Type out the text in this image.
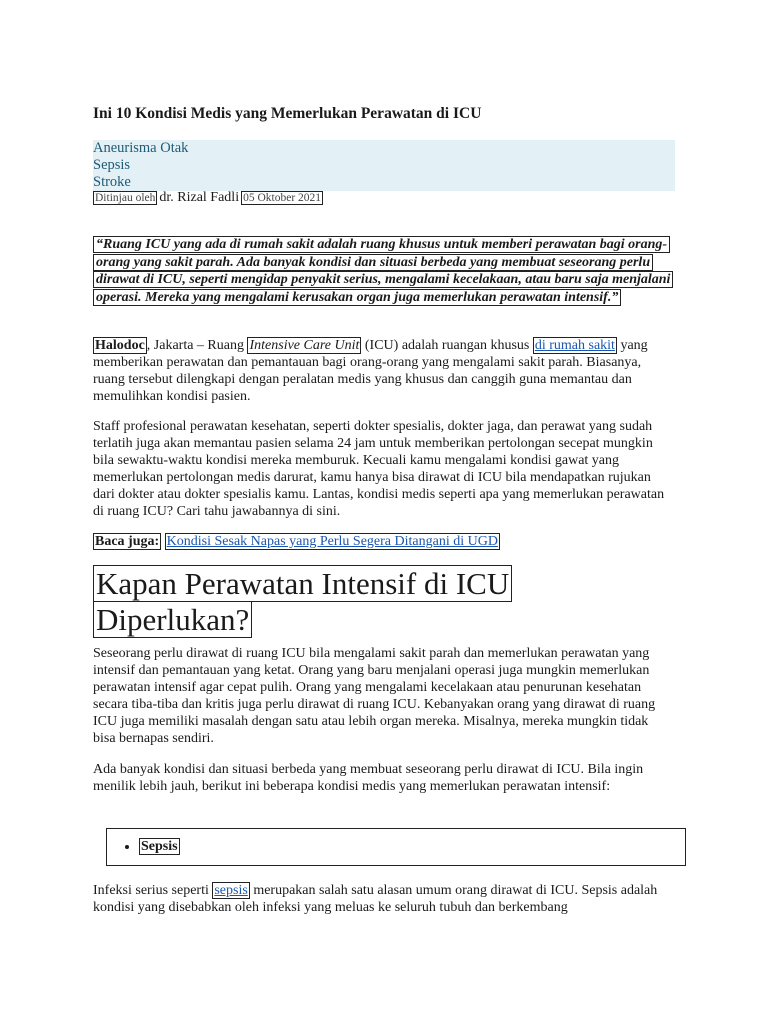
Ini 10 Kondisi Medis yang Memerlukan Perawatan di ICU
Aneurisma Otak
Sepsis
Stroke
Ditinjau oleh dr. Rizal Fadli 05 Oktober 2021
“Ruang ICU yang ada di rumah sakit adalah ruang khusus untuk memberi perawatan bagi orang-orang yang sakit parah. Ada banyak kondisi dan situasi berbeda yang membuat seseorang perlu dirawat di ICU, seperti mengidap penyakit serius, mengalami kecelakaan, atau baru saja menjalani operasi. Mereka yang mengalami kerusakan organ juga memerlukan perawatan intensif.”

Halodoc , Jakarta – Ruang Intensive Care Unit (ICU) adalah ruangan khusus di rumah sakit yang memberikan perawatan dan pemantauan bagi orang-orang yang mengalami sakit parah. Biasanya, ruang tersebut dilengkapi dengan peralatan medis yang khusus dan canggih guna memantau dan memulihkan kondisi pasien.

Staff profesional perawatan kesehatan, seperti dokter spesialis, dokter jaga, dan perawat yang sudah terlatih juga akan memantau pasien selama 24 jam untuk memberikan pertolongan secepat mungkin bila sewaktu-waktu kondisi mereka memburuk. Kecuali kamu mengalami kondisi gawat yang memerlukan pertolongan medis darurat, kamu hanya bisa dirawat di ICU bila mendapatkan rujukan dari dokter atau dokter spesialis kamu. Lantas, kondisi medis seperti apa yang memerlukan perawatan di ruang ICU? Cari tahu jawabannya di sini.

Baca juga: Kondisi Sesak Napas yang Perlu Segera Ditangani di UGD

Kapan Perawatan Intensif di ICU Diperlukan?

Seseorang perlu dirawat di ruang ICU bila mengalami sakit parah dan memerlukan perawatan yang intensif dan pemantauan yang ketat. Orang yang baru menjalani operasi juga mungkin memerlukan perawatan intensif agar cepat pulih. Orang yang mengalami kecelakaan atau penurunan kesehatan secara tiba-tiba dan kritis juga perlu dirawat di ruang ICU. Kebanyakan orang yang dirawat di ruang ICU juga memiliki masalah dengan satu atau lebih organ mereka. Misalnya, mereka mungkin tidak bisa bernapas sendiri.

Ada banyak kondisi dan situasi berbeda yang membuat seseorang perlu dirawat di ICU. Bila ingin menilik lebih jauh, berikut ini beberapa kondisi medis yang memerlukan perawatan intensif:

• Sepsis

Infeksi serius seperti sepsis merupakan salah satu alasan umum orang dirawat di ICU. Sepsis adalah kondisi yang disebabkan oleh infeksi yang meluas ke seluruh tubuh dan berkembang
